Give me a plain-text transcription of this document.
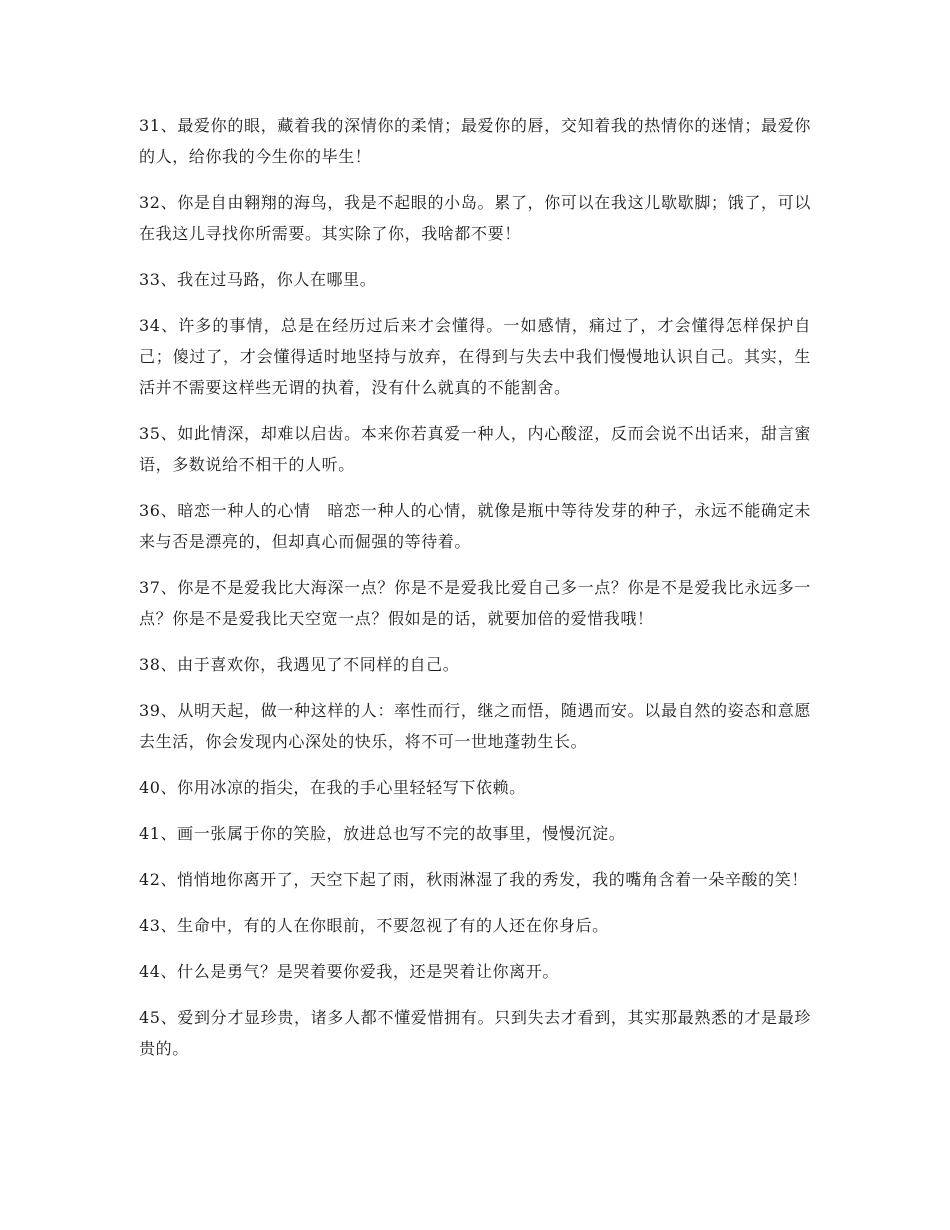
31、最爱你的眼，藏着我的深情你的柔情；最爱你的唇，交知着我的热情你的迷情；最爱你的人，给你我的今生你的毕生！

32、你是自由翱翔的海鸟，我是不起眼的小岛。累了，你可以在我这儿歇歇脚；饿了，可以在我这儿寻找你所需要。其实除了你，我啥都不要！

33、我在过马路，你人在哪里。

34、许多的事情，总是在经历过后来才会懂得。一如感情，痛过了，才会懂得怎样保护自己；傻过了，才会懂得适时地坚持与放弃，在得到与失去中我们慢慢地认识自己。其实，生活并不需要这样些无谓的执着，没有什么就真的不能割舍。

35、如此情深，却难以启齿。本来你若真爱一种人，内心酸涩，反而会说不出话来，甜言蜜语，多数说给不相干的人听。

36、暗恋一种人的心情　暗恋一种人的心情，就像是瓶中等待发芽的种子，永远不能确定未来与否是漂亮的，但却真心而倔强的等待着。

37、你是不是爱我比大海深一点？你是不是爱我比爱自己多一点？你是不是爱我比永远多一点？你是不是爱我比天空宽一点？假如是的话，就要加倍的爱惜我哦！

38、由于喜欢你，我遇见了不同样的自己。

39、从明天起，做一种这样的人：率性而行，继之而悟，随遇而安。以最自然的姿态和意愿去生活，你会发现内心深处的快乐，将不可一世地蓬勃生长。

40、你用冰凉的指尖，在我的手心里轻轻写下依赖。

41、画一张属于你的笑脸，放进总也写不完的故事里，慢慢沉淀。

42、悄悄地你离开了，天空下起了雨，秋雨淋湿了我的秀发，我的嘴角含着一朵辛酸的笑！

43、生命中，有的人在你眼前，不要忽视了有的人还在你身后。

44、什么是勇气？是哭着要你爱我，还是哭着让你离开。

45、爱到分才显珍贵，诸多人都不懂爱惜拥有。只到失去才看到，其实那最熟悉的才是最珍贵的。
